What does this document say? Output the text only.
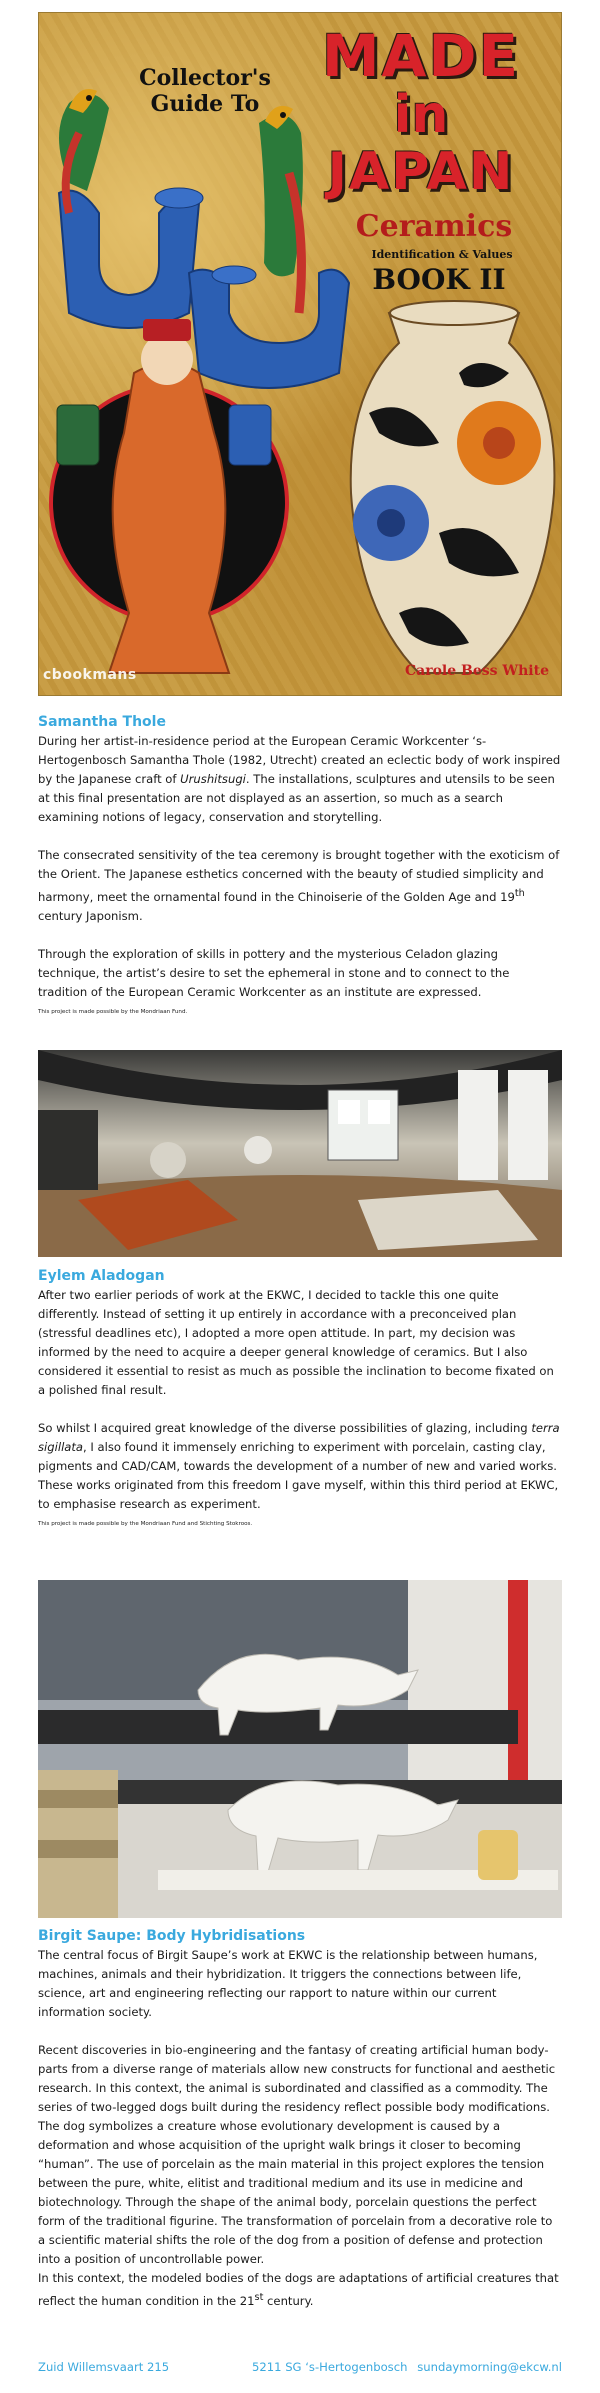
Collector's
Guide To
MADE
in
JAPAN
Ceramics
Identification & Values
BOOK II
cbookmans	Carole Bess White
Samantha Thole

During her artist-in-residence period at the European Ceramic Workcenter ‘s-Hertogenbosch Samantha Thole (1982, Utrecht) created an eclectic body of work inspired by the Japanese craft of Urushitsugi. The installations, sculptures and utensils to be seen at this final presentation are not displayed as an assertion, so much as a search examining notions of legacy, conservation and storytelling.

The consecrated sensitivity of the tea ceremony is brought together with the exoticism of the Orient. The Japanese esthetics concerned with the beauty of studied simplicity and harmony, meet the ornamental found in the Chinoiserie of the Golden Age and 19th century Japonism.

Through the exploration of skills in pottery and the mysterious Celadon glazing technique, the artist’s desire to set the ephemeral in stone and to connect to the tradition of the European Ceramic Workcenter as an institute are expressed.

This project is made possible by the Mondriaan Fund.

Eylem Aladogan

After two earlier periods of work at the EKWC, I decided to tackle this one quite differently. Instead of setting it up entirely in accordance with a preconceived plan (stressful deadlines etc), I adopted a more open attitude. In part, my decision was informed by the need to acquire a deeper general knowledge of ceramics. But I also considered it essential to resist as much as possible the inclination to become fixated on a polished final result.

So whilst I acquired great knowledge of the diverse possibilities of glazing, including terra sigillata, I also found it immensely enriching to experiment with porcelain, casting clay, pigments and CAD/CAM, towards the development of a number of new and varied works. These works originated from this freedom I gave myself, within this third period at EKWC, to emphasise research as experiment.

This project is made possible by the Mondriaan Fund and Stichting Stokroos.

Birgit Saupe: Body Hybridisations

The central focus of Birgit Saupe’s work at EKWC is the relationship between humans, machines, animals and their hybridization. It triggers the connections between life, science, art and engineering reflecting our rapport to nature within our current information society.

Recent discoveries in bio-engineering and the fantasy of creating artificial human body-parts from a diverse range of materials allow new constructs for functional and aesthetic research. In this context, the animal is subordinated and classified as a commodity. The series of two-legged dogs built during the residency reflect possible body modifications. The dog symbolizes a creature whose evolutionary development is caused by a deformation and whose acquisition of the upright walk brings it closer to becoming “human”. The use of porcelain as the main material in this project explores the tension between the pure, white, elitist and traditional medium and its use in medicine and biotechnology. Through the shape of the animal body, porcelain questions the perfect form of the traditional figurine. The transformation of porcelain from a decorative role to a scientific material shifts the role of the dog from a position of defense and protection into a position of uncontrollable power.

In this context, the modeled bodies of the dogs are adaptations of artificial creatures that reflect the human condition in the 21st century.

Zuid Willemsvaart 215	5211 SG ‘s-Hertogenbosch sundaymorning@ekcw.nl
